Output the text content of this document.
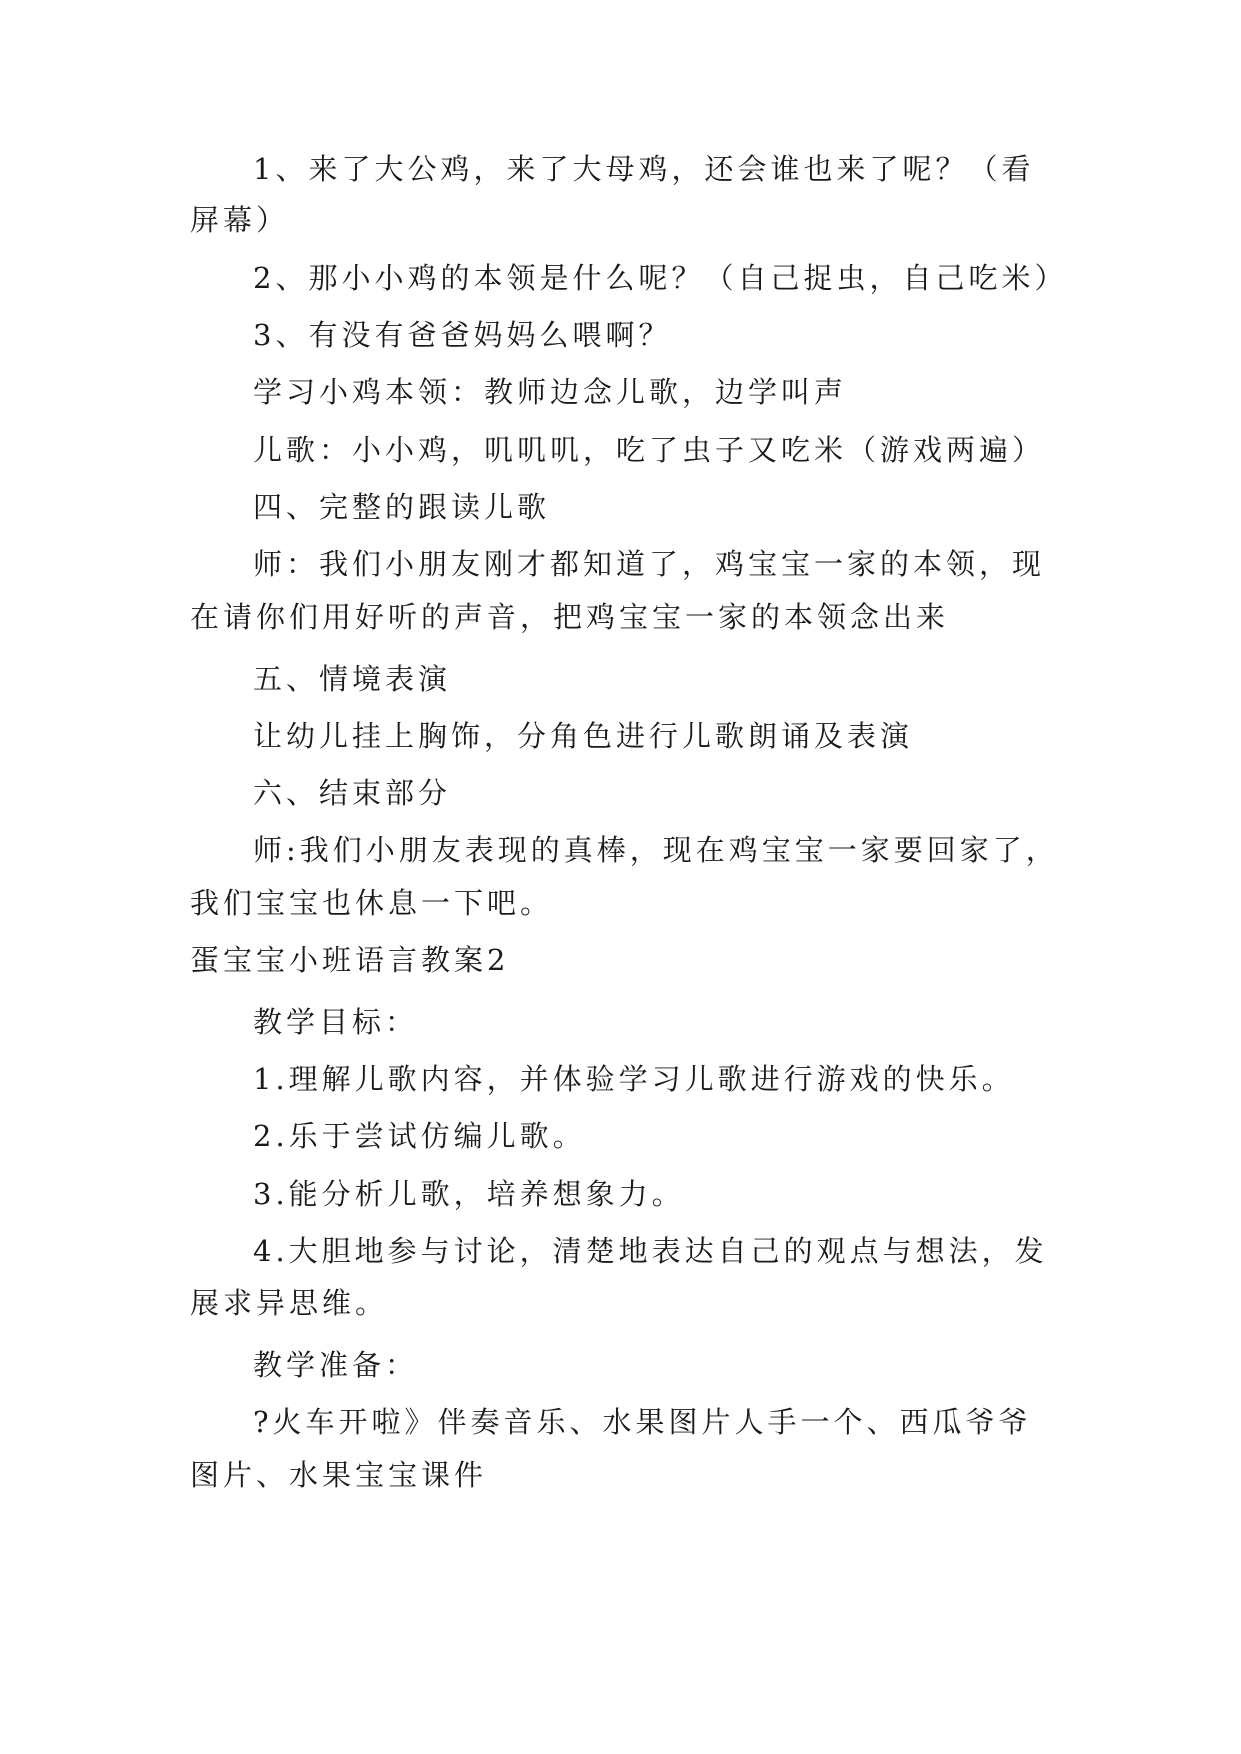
1、来了大公鸡，来了大母鸡，还会谁也来了呢？（看
屏幕）
2、那小小鸡的本领是什么呢？（自己捉虫，自己吃米）
3、有没有爸爸妈妈么喂啊？
学习小鸡本领：教师边念儿歌，边学叫声
儿歌：小小鸡，叽叽叽，吃了虫子又吃米（游戏两遍）
四、完整的跟读儿歌
师：我们小朋友刚才都知道了，鸡宝宝一家的本领，现
在请你们用好听的声音，把鸡宝宝一家的本领念出来
五、情境表演
让幼儿挂上胸饰，分角色进行儿歌朗诵及表演
六、结束部分
师:我们小朋友表现的真棒，现在鸡宝宝一家要回家了，
我们宝宝也休息一下吧。
蛋宝宝小班语言教案2
教学目标：
1.理解儿歌内容，并体验学习儿歌进行游戏的快乐。
2.乐于尝试仿编儿歌。
3.能分析儿歌，培养想象力。
4.大胆地参与讨论，清楚地表达自己的观点与想法，发
展求异思维。
教学准备：
?火车开啦》伴奏音乐、水果图片人手一个、西瓜爷爷
图片、水果宝宝课件
